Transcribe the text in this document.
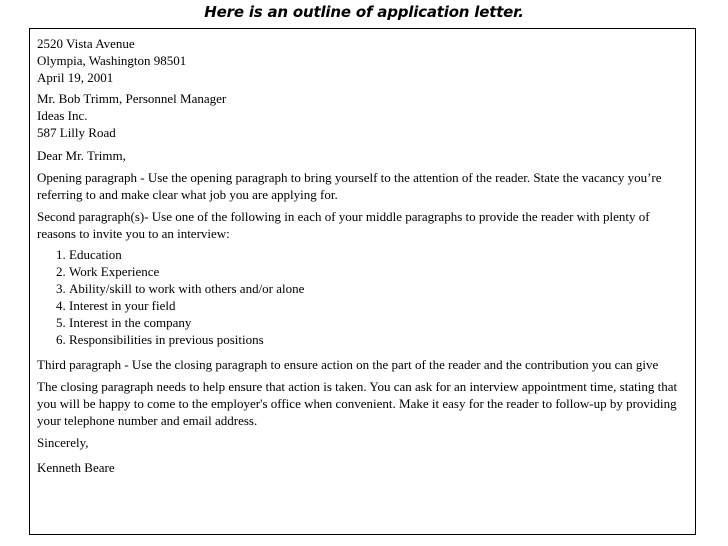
Here is an outline of application letter.
2520 Vista Avenue
Olympia, Washington 98501
April 19, 2001
Mr. Bob Trimm, Personnel Manager
Ideas Inc.
587 Lilly Road

Dear Mr. Trimm,

Opening paragraph - Use the opening paragraph to bring yourself to the attention of the reader. State the vacancy you’re referring to and make clear what job you are applying for.

Second paragraph(s)- Use one of the following in each of your middle paragraphs to provide the reader with plenty of reasons to invite you to an interview:

1. Education
2. Work Experience
3. Ability/skill to work with others and/or alone
4. Interest in your field
5. Interest in the company
6. Responsibilities in previous positions

Third paragraph - Use the closing paragraph to ensure action on the part of the reader and the contribution you can give

The closing paragraph needs to help ensure that action is taken. You can ask for an interview appointment time, stating that you will be happy to come to the employer's office when convenient. Make it easy for the reader to follow-up by providing your telephone number and email address.

Sincerely,

Kenneth Beare
